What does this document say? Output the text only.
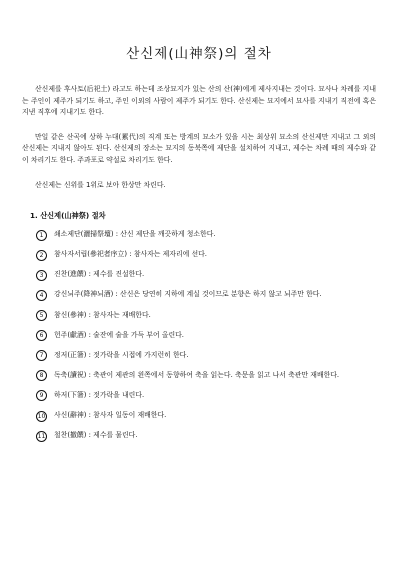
산신제(山神祭)의 절차

산신제를 후사토(后祀土) 라고도 하는데 조상묘지가 있는 산의 산(神)에게 제사지내는 것이다. 묘사나 차례를 지내는 주인이 제주가 되기도 하고, 주인 이외의 사람이 제주가 되기도 한다. 산신제는 묘지에서 묘사를 지내기 직전에 혹은 지낸 직후에 지내기도 한다.

만일 같은 산곡에 상하 누대(累代)의 직계 또는 방계의 묘소가 있을 시는 최상위 묘소의 산신제만 지내고 그 외의 산신제는 지내지 않아도 된다. 산신제의 장소는 묘지의 동북쪽에 제단을 설치하여 지내고, 제수는 차례 때의 제수와 같이 차리기도 한다. 주과포로 약설로 차리기도 한다.

산신제는 신위를 1위로 보아 한상만 차린다.

1. 산신제(山神祭) 절차
1	쇄소제단(灑掃祭壇) : 산신 제단을 깨끗하게 청소한다.
2	참사자서립(參祀者序立) : 참사자는 제자리에 선다.
3	진찬(進饌) : 제수를 진설한다.
4	강신뇌주(降神뇌酒) : 산신은 당연히 지하에 계실 것이므로 분향은 하지 않고 뇌주만 한다.
5	참신(參神) : 참사자는 재배한다.
6	헌주(獻酒) : 술잔에 술을 가득 부어 올린다.
7	정저(正箸) : 젓가락을 시접에 가지런히 한다.
8	독축(讀祝) : 축관이 제관의 왼쪽에서 동향하여 축을 읽는다. 축문을 읽고 나서 축관만 재배한다.
9	하저(下箸) : 젓가락을 내린다.
10 사신(辭神) : 참사자 일동이 재배한다.
11 철찬(撤饌) : 제수를 물린다.
